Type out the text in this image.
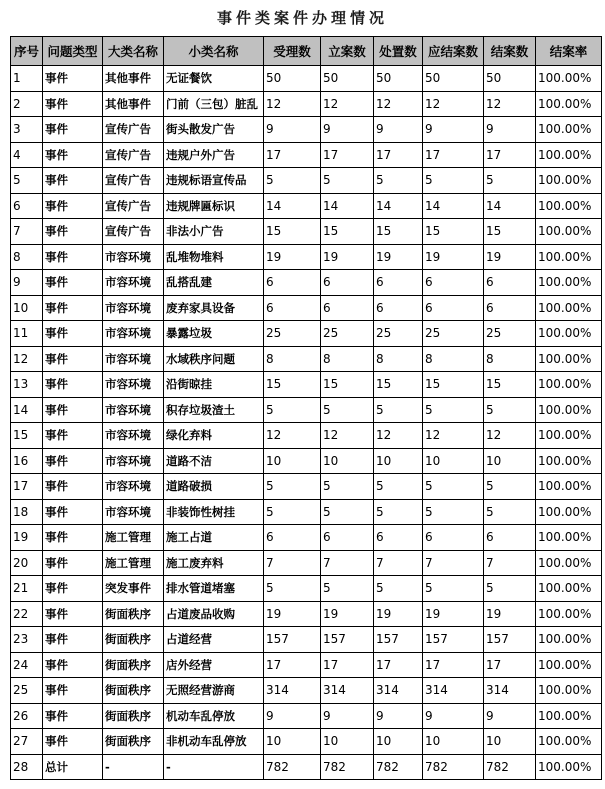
事件类案件办理情况
序号	问题类型	大类名称	小类名称	受理数	立案数	处置数	应结案数	结案数	结案率
1	事件	其他事件	无证餐饮	50	50	50	50	50	100.00%
2	事件	其他事件	门前（三包）脏乱	12	12	12	12	12	100.00%
3	事件	宣传广告	街头散发广告	9	9	9	9	9	100.00%
4	事件	宣传广告	违规户外广告	17	17	17	17	17	100.00%
5	事件	宣传广告	违规标语宣传品	5	5	5	5	5	100.00%
6	事件	宣传广告	违规牌匾标识	14	14	14	14	14	100.00%
7	事件	宣传广告	非法小广告	15	15	15	15	15	100.00%
8	事件	市容环境	乱堆物堆料	19	19	19	19	19	100.00%
9	事件	市容环境	乱搭乱建	6	6	6	6	6	100.00%
10	事件	市容环境	废弃家具设备	6	6	6	6	6	100.00%
11	事件	市容环境	暴露垃圾	25	25	25	25	25	100.00%
12	事件	市容环境	水域秩序问题	8	8	8	8	8	100.00%
13	事件	市容环境	沿街晾挂	15	15	15	15	15	100.00%
14	事件	市容环境	积存垃圾渣土	5	5	5	5	5	100.00%
15	事件	市容环境	绿化弃料	12	12	12	12	12	100.00%
16	事件	市容环境	道路不洁	10	10	10	10	10	100.00%
17	事件	市容环境	道路破损	5	5	5	5	5	100.00%
18	事件	市容环境	非装饰性树挂	5	5	5	5	5	100.00%
19	事件	施工管理	施工占道	6	6	6	6	6	100.00%
20	事件	施工管理	施工废弃料	7	7	7	7	7	100.00%
21	事件	突发事件	排水管道堵塞	5	5	5	5	5	100.00%
22	事件	街面秩序	占道废品收购	19	19	19	19	19	100.00%
23	事件	街面秩序	占道经营	157	157	157	157	157	100.00%
24	事件	街面秩序	店外经营	17	17	17	17	17	100.00%
25	事件	街面秩序	无照经营游商	314	314	314	314	314	100.00%
26	事件	街面秩序	机动车乱停放	9	9	9	9	9	100.00%
27	事件	街面秩序	非机动车乱停放	10	10	10	10	10	100.00%
28	总计	-	-	782	782	782	782	782	100.00%
